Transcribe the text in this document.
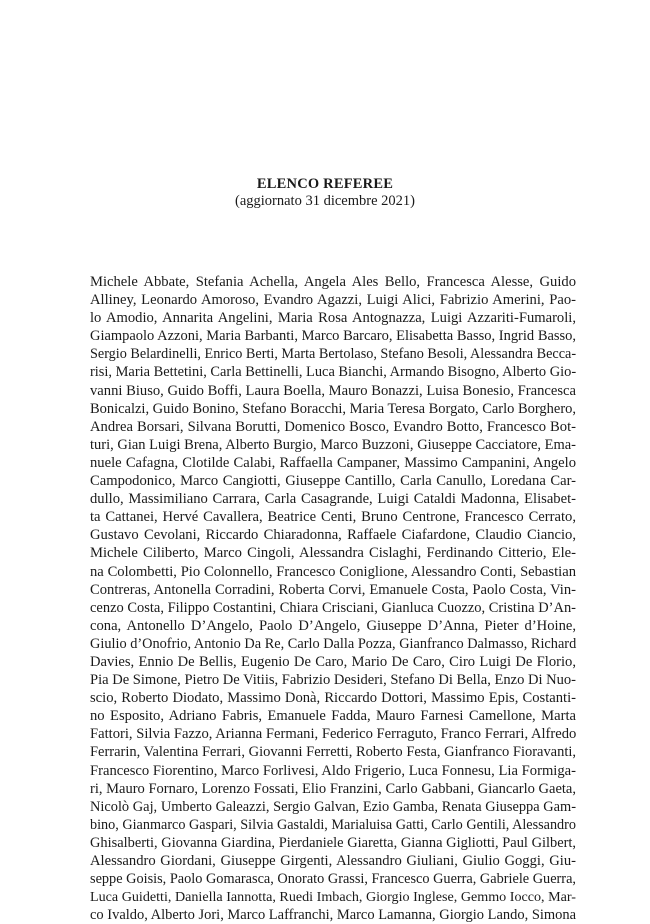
ELENCO REFEREE
(aggiornato 31 dicembre 2021)
Michele Abbate, Stefania Achella, Angela Ales Bello, Francesca Alesse, Guido
Alliney, Leonardo Amoroso, Evandro Agazzi, Luigi Alici, Fabrizio Amerini, Pao-
lo Amodio, Annarita Angelini, Maria Rosa Antognazza, Luigi Azzariti-Fumaroli,
Giampaolo Azzoni, Maria Barbanti, Marco Barcaro, Elisabetta Basso, Ingrid Basso,
Sergio Belardinelli, Enrico Berti, Marta Bertolaso, Stefano Besoli, Alessandra Becca-
risi, Maria Bettetini, Carla Bettinelli, Luca Bianchi, Armando Bisogno, Alberto Gio-
vanni Biuso, Guido Boffi, Laura Boella, Mauro Bonazzi, Luisa Bonesio, Francesca
Bonicalzi, Guido Bonino, Stefano Boracchi, Maria Teresa Borgato, Carlo Borghero,
Andrea Borsari, Silvana Borutti, Domenico Bosco, Evandro Botto, Francesco Bot-
turi, Gian Luigi Brena, Alberto Burgio, Marco Buzzoni, Giuseppe Cacciatore, Ema-
nuele Cafagna, Clotilde Calabi, Raffaella Campaner, Massimo Campanini, Angelo
Campodonico, Marco Cangiotti, Giuseppe Cantillo, Carla Canullo, Loredana Car-
dullo, Massimiliano Carrara, Carla Casagrande, Luigi Cataldi Madonna, Elisabet-
ta Cattanei, Hervé Cavallera, Beatrice Centi, Bruno Centrone, Francesco Cerrato,
Gustavo Cevolani, Riccardo Chiaradonna, Raffaele Ciafardone, Claudio Ciancio,
Michele Ciliberto, Marco Cingoli, Alessandra Cislaghi, Ferdinando Citterio, Ele-
na Colombetti, Pio Colonnello, Francesco Coniglione, Alessandro Conti, Sebastian
Contreras, Antonella Corradini, Roberta Corvi, Emanuele Costa, Paolo Costa, Vin-
cenzo Costa, Filippo Costantini, Chiara Crisciani, Gianluca Cuozzo, Cristina D’An-
cona, Antonello D’Angelo, Paolo D’Angelo, Giuseppe D’Anna, Pieter d’Hoine,
Giulio d’Onofrio, Antonio Da Re, Carlo Dalla Pozza, Gianfranco Dalmasso, Richard
Davies, Ennio De Bellis, Eugenio De Caro, Mario De Caro, Ciro Luigi De Florio,
Pia De Simone, Pietro De Vitiis, Fabrizio Desideri, Stefano Di Bella, Enzo Di Nuo-
scio, Roberto Diodato, Massimo Donà, Riccardo Dottori, Massimo Epis, Costanti-
no Esposito, Adriano Fabris, Emanuele Fadda, Mauro Farnesi Camellone, Marta
Fattori, Silvia Fazzo, Arianna Fermani, Federico Ferraguto, Franco Ferrari, Alfredo
Ferrarin, Valentina Ferrari, Giovanni Ferretti, Roberto Festa, Gianfranco Fioravanti,
Francesco Fiorentino, Marco Forlivesi, Aldo Frigerio, Luca Fonnesu, Lia Formiga-
ri, Mauro Fornaro, Lorenzo Fossati, Elio Franzini, Carlo Gabbani, Giancarlo Gaeta,
Nicolò Gaj, Umberto Galeazzi, Sergio Galvan, Ezio Gamba, Renata Giuseppa Gam-
bino, Gianmarco Gaspari, Silvia Gastaldi, Marialuisa Gatti, Carlo Gentili, Alessandro
Ghisalberti, Giovanna Giardina, Pierdaniele Giaretta, Gianna Gigliotti, Paul Gilbert,
Alessandro Giordani, Giuseppe Girgenti, Alessandro Giuliani, Giulio Goggi, Giu-
seppe Goisis, Paolo Gomarasca, Onorato Grassi, Francesco Guerra, Gabriele Guerra,
Luca Guidetti, Daniella Iannotta, Ruedi Imbach, Giorgio Inglese, Gemmo Iocco, Mar-
co Ivaldo, Alberto Jori, Marco Laffranchi, Marco Lamanna, Giorgio Lando, Simona
